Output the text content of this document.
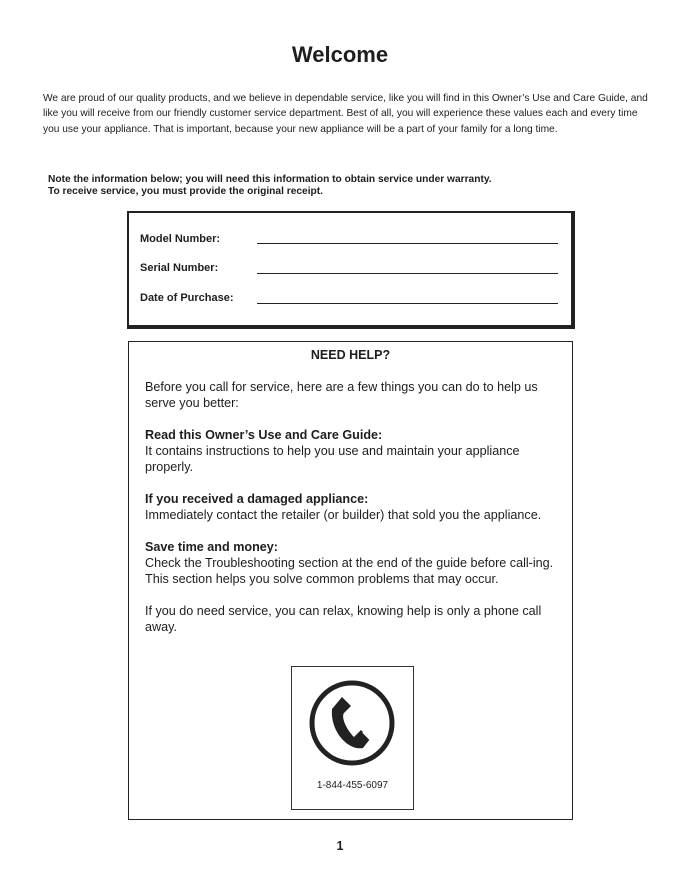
Welcome
We are proud of our quality products, and we believe in dependable service, like you will find in this Owner’s Use and Care Guide, and like you will receive from our friendly customer service department. Best of all, you will experience these values each and every time you use your appliance. That is important, because your new appliance will be a part of your family for a long time.
Note the information below; you will need this information to obtain service under warranty.
To receive service, you must provide the original receipt.
Model Number:
Serial Number:
Date of Purchase:
NEED HELP?

Before you call for service, here are a few things you can do to help us serve you better:

Read this Owner’s Use and Care Guide:
It contains instructions to help you use and maintain your appliance properly.

If you received a damaged appliance:
Immediately contact the retailer (or builder) that sold you the appliance.

Save time and money:
Check the Troubleshooting section at the end of the guide before call-ing. This section helps you solve common problems that may occur.

If you do need service, you can relax, knowing help is only a phone call away.

1-844-455-6097
1
